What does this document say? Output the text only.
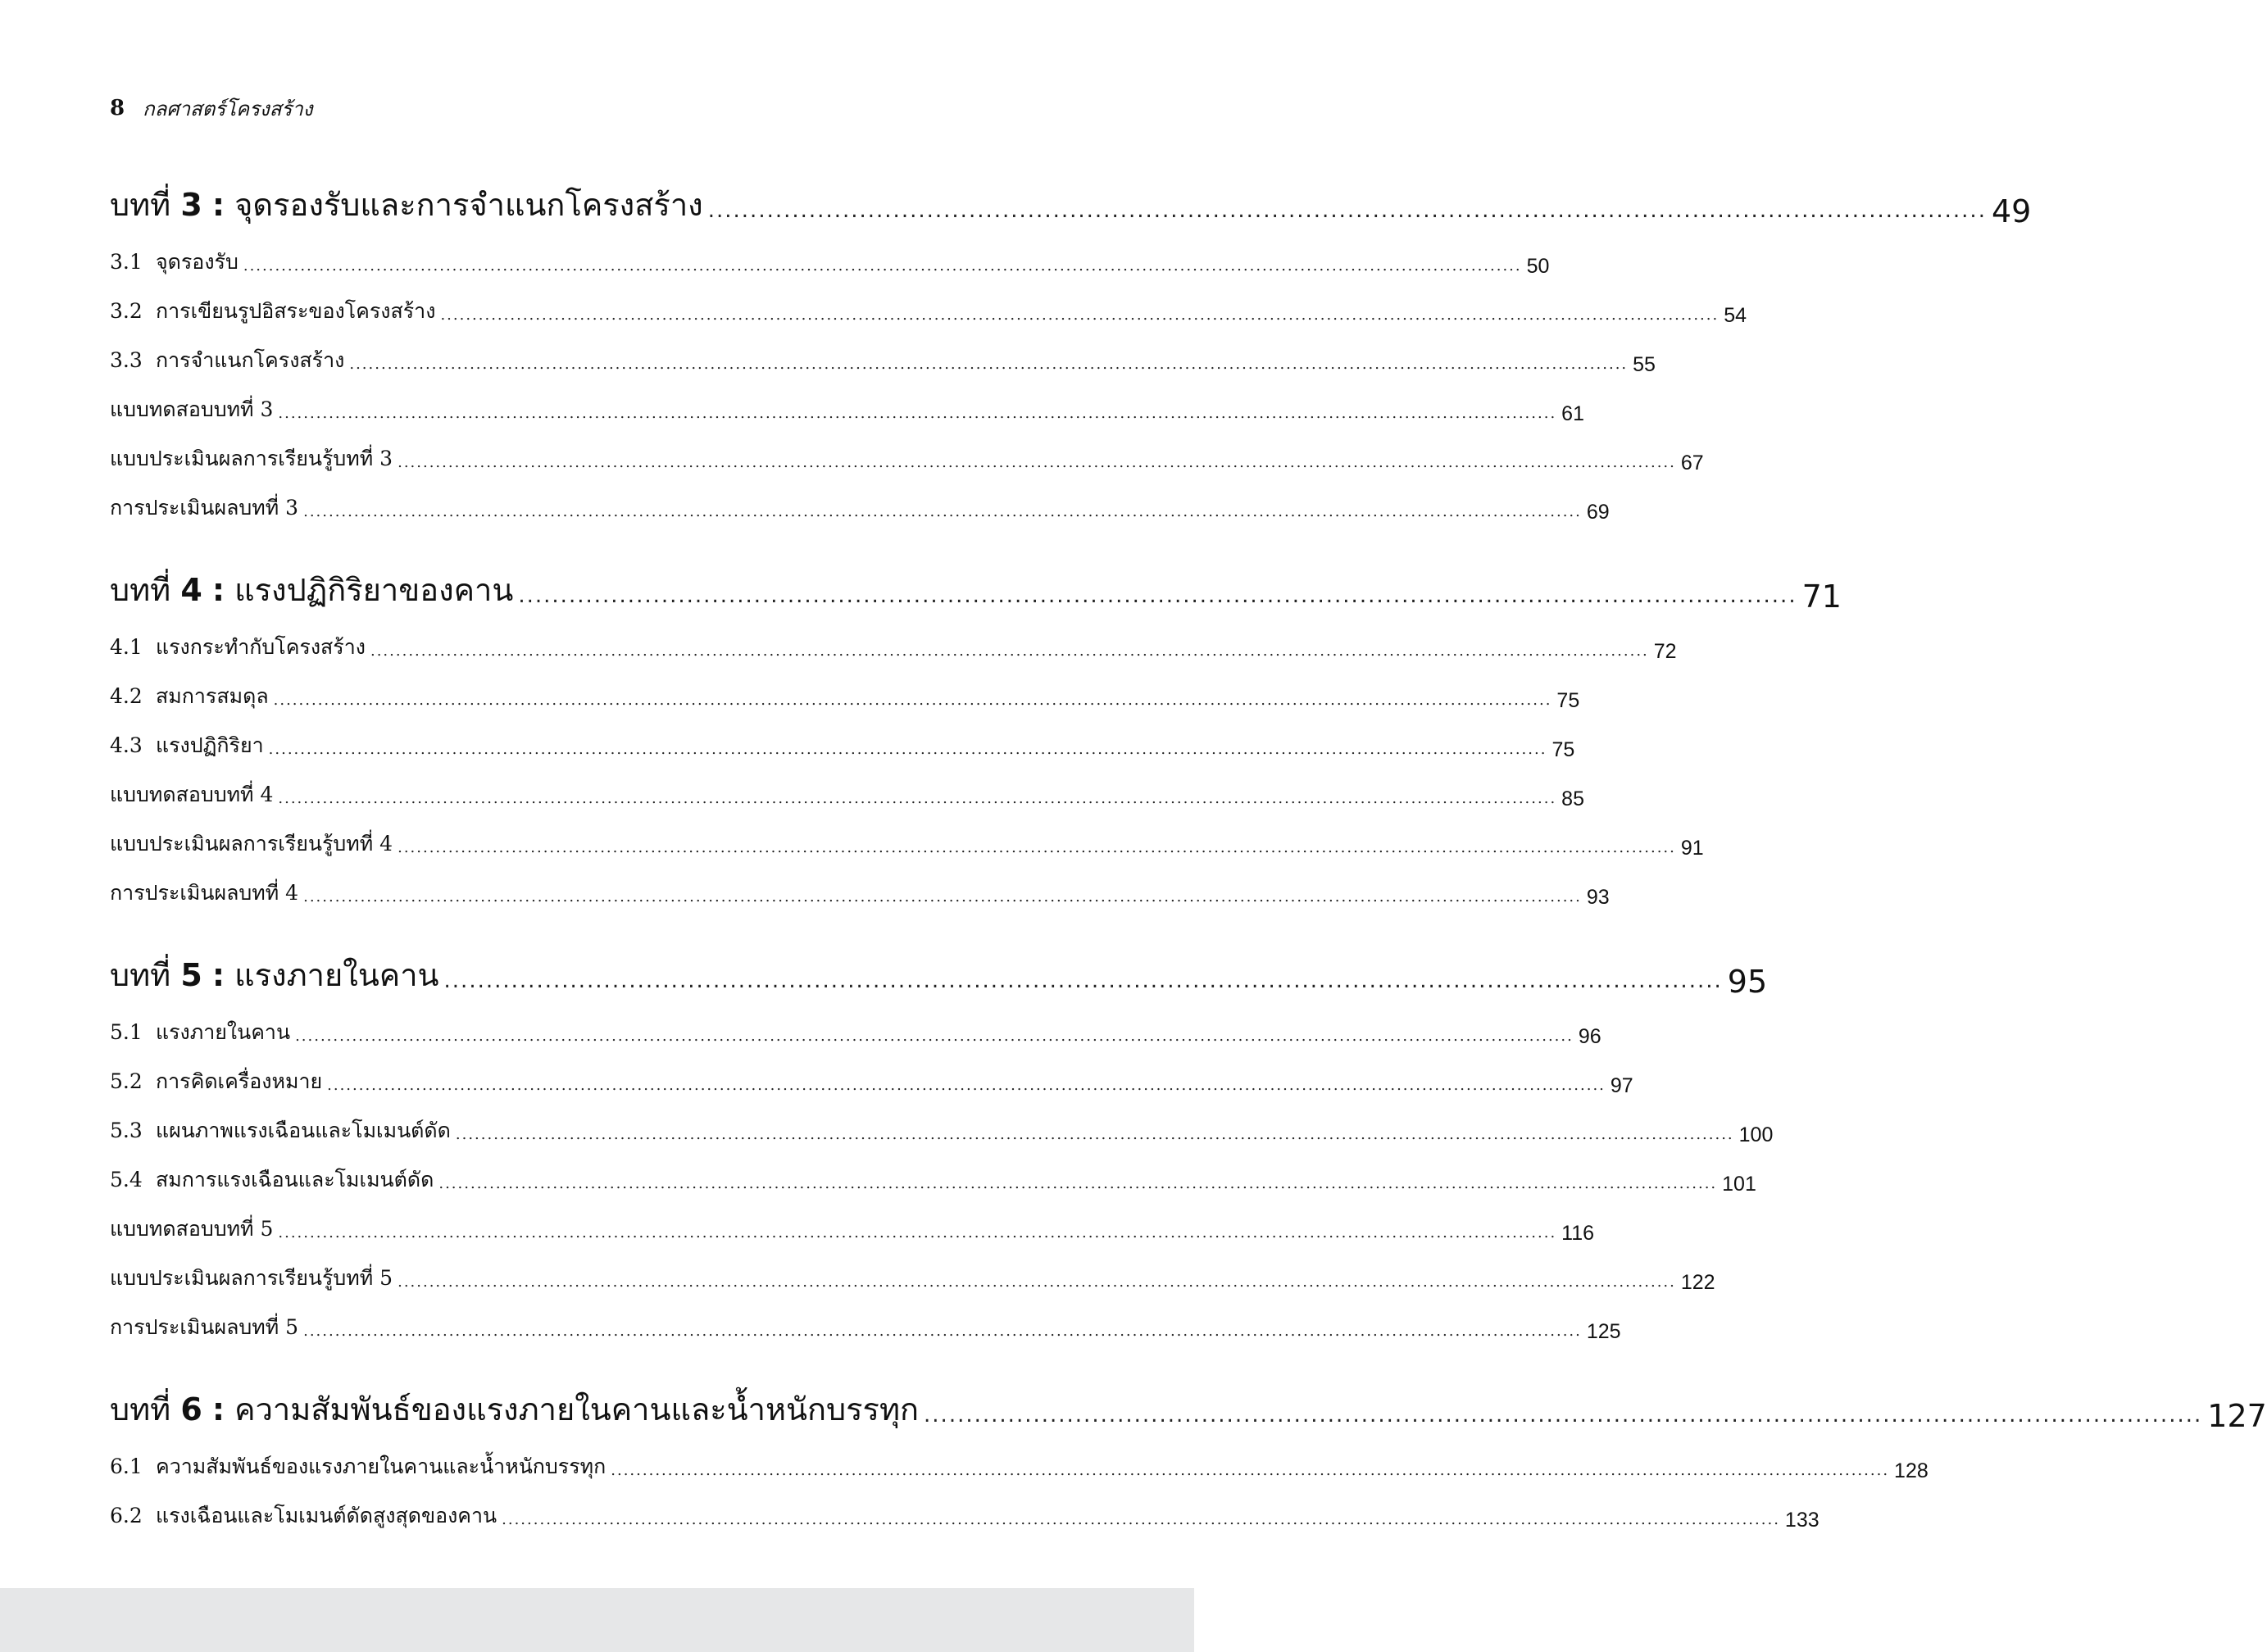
8 กลศาสตร์โครงสร้าง
บทที่ 3 : จุดรองรับและการจำแนกโครงสร้าง ........................................................................................................................................................ 49
3.1 จุดรองรับ .......................................................................................................................................................................................................... 50
3.2 การเขียนรูปอิสระของโครงสร้าง .......................................................................................................................................................................................................... 54
3.3 การจำแนกโครงสร้าง .......................................................................................................................................................................................................... 55
แบบทดสอบบทที่ 3 .......................................................................................................................................................................................................... 61
แบบประเมินผลการเรียนรู้บทที่ 3 .......................................................................................................................................................................................................... 67
การประเมินผลบทที่ 3 .......................................................................................................................................................................................................... 69
บทที่ 4 : แรงปฏิกิริยาของคาน ........................................................................................................................................................ 71
4.1 แรงกระทำกับโครงสร้าง .......................................................................................................................................................................................................... 72
4.2 สมการสมดุล .......................................................................................................................................................................................................... 75
4.3 แรงปฏิกิริยา .......................................................................................................................................................................................................... 75
แบบทดสอบบทที่ 4 .......................................................................................................................................................................................................... 85
แบบประเมินผลการเรียนรู้บทที่ 4 .......................................................................................................................................................................................................... 91
การประเมินผลบทที่ 4 .......................................................................................................................................................................................................... 93
บทที่ 5 : แรงภายในคาน ........................................................................................................................................................ 95
5.1 แรงภายในคาน .......................................................................................................................................................................................................... 96
5.2 การคิดเครื่องหมาย .......................................................................................................................................................................................................... 97
5.3 แผนภาพแรงเฉือนและโมเมนต์ดัด .......................................................................................................................................................................................................... 100
5.4 สมการแรงเฉือนและโมเมนต์ดัด .......................................................................................................................................................................................................... 101
แบบทดสอบบทที่ 5 .......................................................................................................................................................................................................... 116
แบบประเมินผลการเรียนรู้บทที่ 5 .......................................................................................................................................................................................................... 122
การประเมินผลบทที่ 5 .......................................................................................................................................................................................................... 125
บทที่ 6 : ความสัมพันธ์ของแรงภายในคานและน้ำหนักบรรทุก ........................................................................................................................................................ 127
6.1 ความสัมพันธ์ของแรงภายในคานและน้ำหนักบรรทุก .......................................................................................................................................................................................................... 128
6.2 แรงเฉือนและโมเมนต์ดัดสูงสุดของคาน .......................................................................................................................................................................................................... 133
